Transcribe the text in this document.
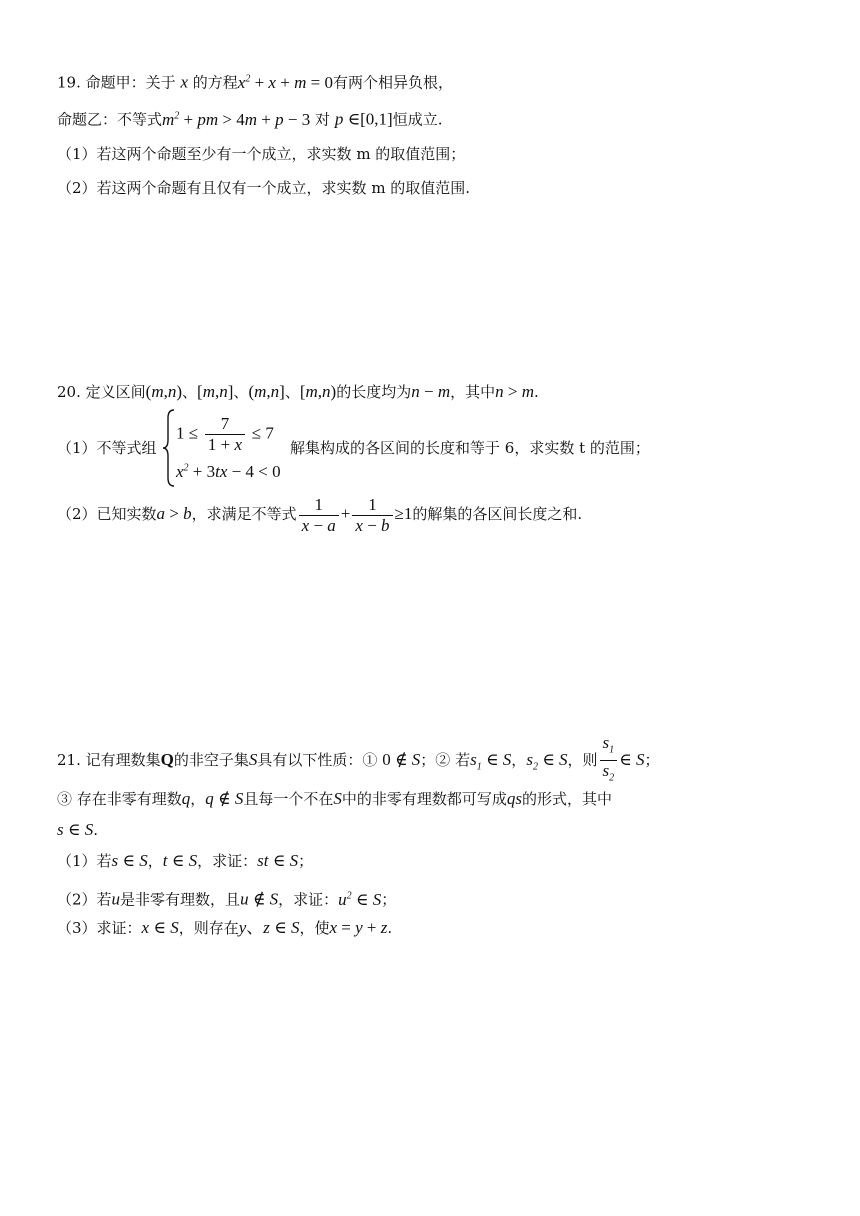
19. 命题甲：关于 x 的方程$x^2 + x + m = 0$有两个相异负根，
命题乙：不等式$m^2$ + pm > 4m + p − 3 对 p ∈[0,1]恒成立.
（1）若这两个命题至少有一个成立，求实数 m 的取值范围；
（2）若这两个命题有且仅有一个成立，求实数 m 的取值范围.
20. 定义区间(m,n)、[m,n]、(m,n]、[m,n)的长度均为n − m，其中n > m.
（1）不等式组
$1 \le \frac{7}{1 + x} \le 7$
$x^2 + 3tx - 4 < 0$
解集构成的各区间的长度和等于 6，求实数 t 的范围；
（2）已知实数a > b，求满足不等式 $\frac{1}{x - a} + \frac{1}{x - b} \ge 1$的解集的各区间长度之和.
21. 记有理数集Q的非空子集S具有以下性质：① 0 ∉ S；② 若$s_1$ ∈ S，$s_2$ ∈ S，则 $\frac{s_1}{s_2}$ ∈ S；
③ 存在非零有理数q，q ∉ S且每一个不在S中的非零有理数都可写成qs的形式，其中
s ∈ S.
（1）若s ∈ S，t ∈ S，求证：st ∈ S；
（2）若u是非零有理数，且u ∉ S，求证：$u^2$ ∈ S；
（3）求证：x ∈ S，则存在y、z ∈ S，使x = y + z.
